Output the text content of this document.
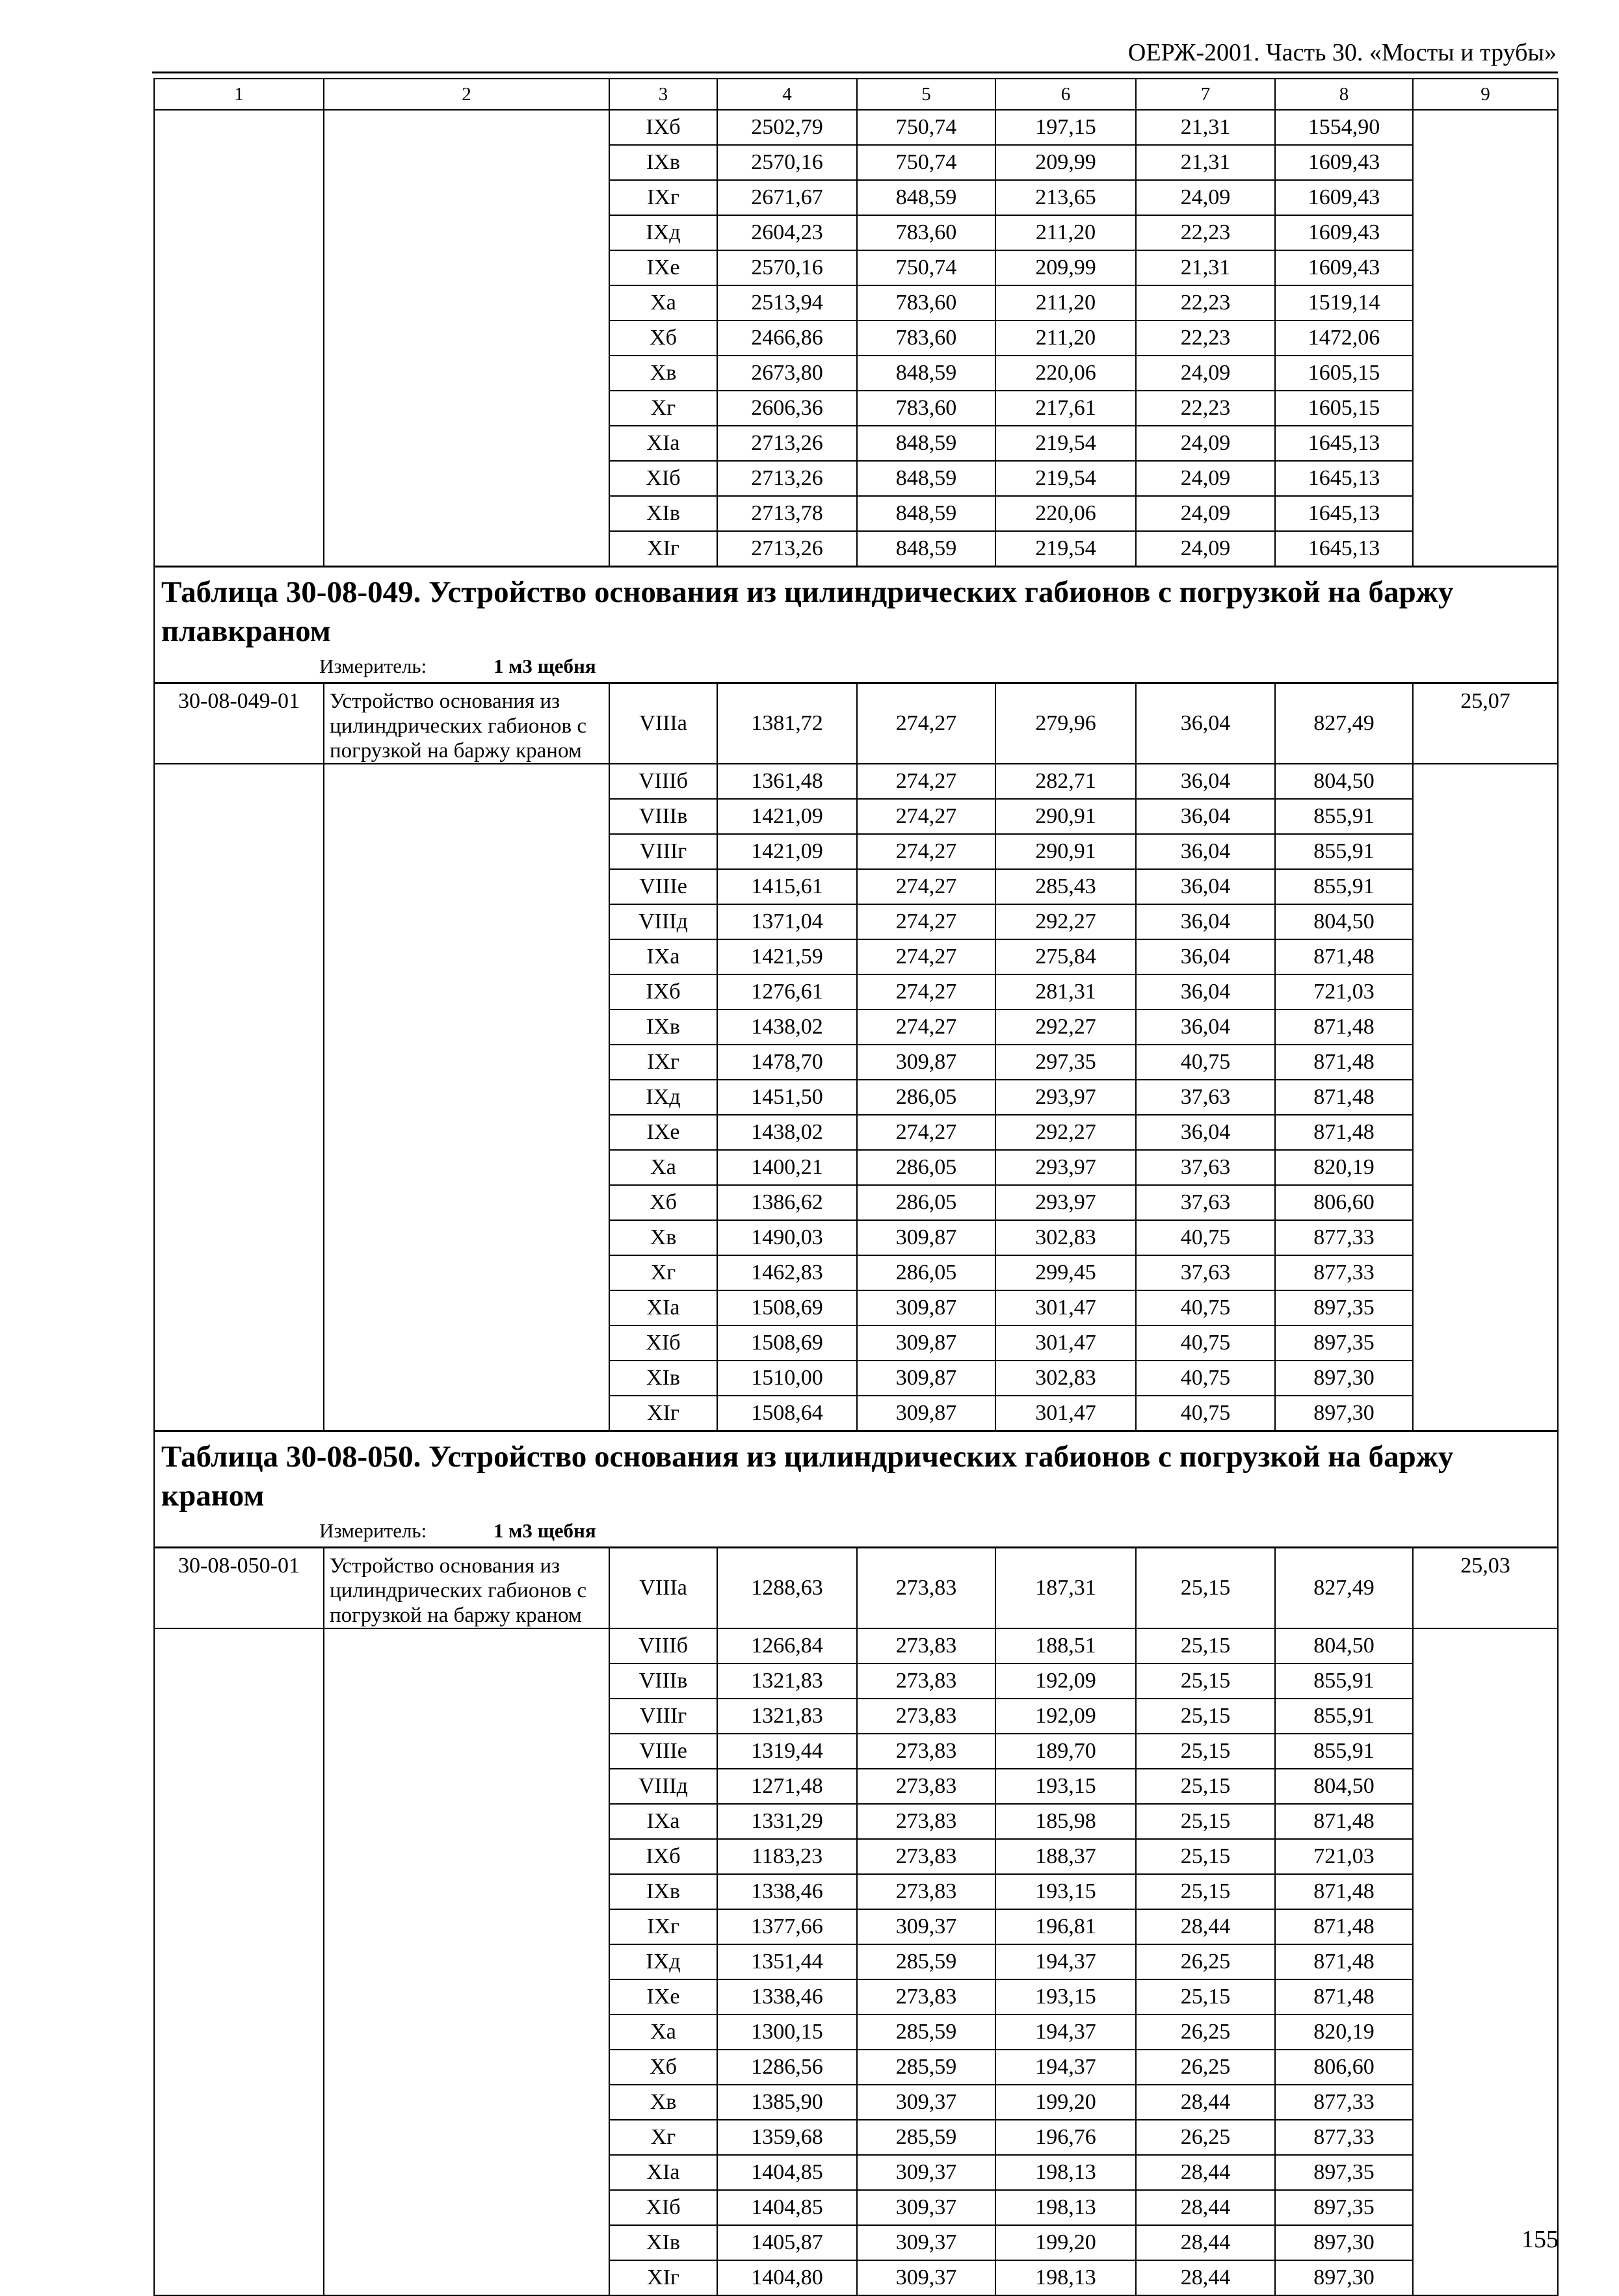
ОЕРЖ-2001. Часть 30. «Мосты и трубы»
1	2	3	4	5	6	7	8	9
		IXб	2502,79	750,74	197,15	21,31	1554,90	
		IXв	2570,16	750,74	209,99	21,31	1609,43	
		IXг	2671,67	848,59	213,65	24,09	1609,43	
		IXд	2604,23	783,60	211,20	22,23	1609,43	
		IXе	2570,16	750,74	209,99	21,31	1609,43	
		Xa	2513,94	783,60	211,20	22,23	1519,14	
		Xб	2466,86	783,60	211,20	22,23	1472,06	
		Xв	2673,80	848,59	220,06	24,09	1605,15	
		Xг	2606,36	783,60	217,61	22,23	1605,15	
		XIa	2713,26	848,59	219,54	24,09	1645,13	
		XIб	2713,26	848,59	219,54	24,09	1645,13	
		XIв	2713,78	848,59	220,06	24,09	1645,13	
		XIг	2713,26	848,59	219,54	24,09	1645,13	

Таблица 30-08-049. Устройство основания из цилиндрических габионов с погрузкой на баржу плавкраном
Измеритель: 1 м3 щебня								

30-08-049-01	Устройство основания из цилиндрических габионов с погрузкой на баржу краном	VIIIa	1381,72	274,27	279,96	36,04	827,49	25,07
		VIIIб	1361,48	274,27	282,71	36,04	804,50	
		VIIIв	1421,09	274,27	290,91	36,04	855,91	
		VIIIг	1421,09	274,27	290,91	36,04	855,91	
		VIIIе	1415,61	274,27	285,43	36,04	855,91	
		VIIIд	1371,04	274,27	292,27	36,04	804,50	
		IXa	1421,59	274,27	275,84	36,04	871,48	
		IXб	1276,61	274,27	281,31	36,04	721,03	
		IXв	1438,02	274,27	292,27	36,04	871,48	
		IXг	1478,70	309,87	297,35	40,75	871,48	
		IXд	1451,50	286,05	293,97	37,63	871,48	
		IXе	1438,02	274,27	292,27	36,04	871,48	
		Xa	1400,21	286,05	293,97	37,63	820,19	
		Xб	1386,62	286,05	293,97	37,63	806,60	
		Xв	1490,03	309,87	302,83	40,75	877,33	
		Xг	1462,83	286,05	299,45	37,63	877,33	
		XIa	1508,69	309,87	301,47	40,75	897,35	
		XIб	1508,69	309,87	301,47	40,75	897,35	
		XIв	1510,00	309,87	302,83	40,75	897,30	
		XIг	1508,64	309,87	301,47	40,75	897,30	

Таблица 30-08-050. Устройство основания из цилиндрических габионов с погрузкой на баржу краном
Измеритель: 1 м3 щебня								

30-08-050-01	Устройство основания из цилиндрических габионов с погрузкой на баржу краном	VIIIa	1288,63	273,83	187,31	25,15	827,49	25,03
		VIIIб	1266,84	273,83	188,51	25,15	804,50	
		VIIIв	1321,83	273,83	192,09	25,15	855,91	
		VIIIг	1321,83	273,83	192,09	25,15	855,91	
		VIIIе	1319,44	273,83	189,70	25,15	855,91	
		VIIIд	1271,48	273,83	193,15	25,15	804,50	
		IXa	1331,29	273,83	185,98	25,15	871,48	
		IXб	1183,23	273,83	188,37	25,15	721,03	
		IXв	1338,46	273,83	193,15	25,15	871,48	
		IXг	1377,66	309,37	196,81	28,44	871,48	
		IXд	1351,44	285,59	194,37	26,25	871,48	
		IXе	1338,46	273,83	193,15	25,15	871,48	
		Xa	1300,15	285,59	194,37	26,25	820,19	
		Xб	1286,56	285,59	194,37	26,25	806,60	
		Xв	1385,90	309,37	199,20	28,44	877,33	
		Xг	1359,68	285,59	196,76	26,25	877,33	
		XIa	1404,85	309,37	198,13	28,44	897,35	
		XIб	1404,85	309,37	198,13	28,44	897,35	
		XIв	1405,87	309,37	199,20	28,44	897,30	
		XIг	1404,80	309,37	198,13	28,44	897,30	
155
